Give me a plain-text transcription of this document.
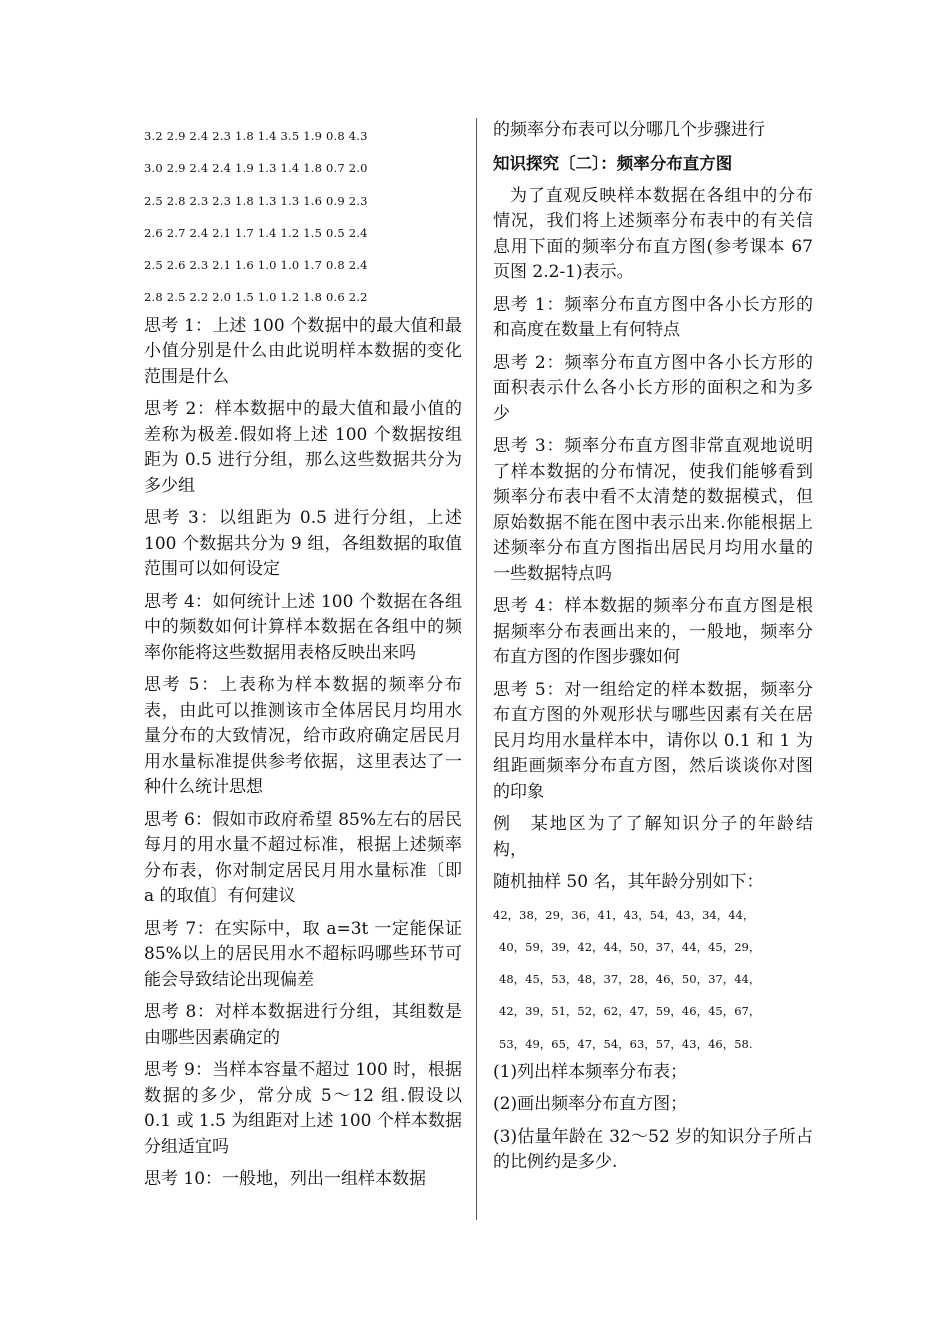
3.2 2.9 2.4 2.3 1.8 1.4 3.5 1.9 0.8 4.3
3.0 2.9 2.4 2.4 1.9 1.3 1.4 1.8 0.7 2.0
2.5 2.8 2.3 2.3 1.8 1.3 1.3 1.6 0.9 2.3
2.6 2.7 2.4 2.1 1.7 1.4 1.2 1.5 0.5 2.4
2.5 2.6 2.3 2.1 1.6 1.0 1.0 1.7 0.8 2.4
2.8 2.5 2.2 2.0 1.5 1.0 1.2 1.8 0.6 2.2

思考 1：上述 100 个数据中的最大值和最小值分别是什么由此说明样本数据的变化范围是什么

思考 2：样本数据中的最大值和最小值的差称为极差.假如将上述 100 个数据按组距为 0.5 进行分组，那么这些数据共分为多少组

思考 3：以组距为 0.5 进行分组，上述 100 个数据共分为 9 组，各组数据的取值范围可以如何设定

思考 4：如何统计上述 100 个数据在各组中的频数如何计算样本数据在各组中的频率你能将这些数据用表格反映出来吗

思考 5：上表称为样本数据的频率分布表，由此可以推测该市全体居民月均用水量分布的大致情况，给市政府确定居民月用水量标准提供参考依据，这里表达了一种什么统计思想

思考 6：假如市政府希望 85%左右的居民每月的用水量不超过标准，根据上述频率分布表，你对制定居民月用水量标准〔即 a 的取值〕有何建议

思考 7：在实际中，取 a=3t 一定能保证 85%以上的居民用水不超标吗哪些环节可能会导致结论出现偏差

思考 8：对样本数据进行分组，其组数是由哪些因素确定的

思考 9：当样本容量不超过 100 时，根据数据的多少，常分成 5～12 组.假设以 0.1 或 1.5 为组距对上述 100 个样本数据分组适宜吗

思考 10：一般地，列出一组样本数据

的频率分布表可以分哪几个步骤进行

知识探究〔二〕：频率分布直方图

为了直观反映样本数据在各组中的分布情况，我们将上述频率分布表中的有关信息用下面的频率分布直方图(参考课本 67 页图 2.2-1)表示。

思考 1：频率分布直方图中各小长方形的和高度在数量上有何特点

思考 2：频率分布直方图中各小长方形的面积表示什么各小长方形的面积之和为多少

思考 3：频率分布直方图非常直观地说明了样本数据的分布情况，使我们能够看到频率分布表中看不太清楚的数据模式，但原始数据不能在图中表示出来.你能根据上述频率分布直方图指出居民月均用水量的一些数据特点吗

思考 4：样本数据的频率分布直方图是根据频率分布表画出来的，一般地，频率分布直方图的作图步骤如何

思考 5：对一组给定的样本数据，频率分布直方图的外观形状与哪些因素有关在居民月均用水量样本中，请你以 0.1 和 1 为组距画频率分布直方图，然后谈谈你对图的印象

例　某地区为了了解知识分子的年龄结构，

随机抽样 50 名，其年龄分别如下：

42，38，29，36，41，43，54，43，34，44，
40，59，39，42，44，50，37，44，45，29，
48，45，53，48，37，28，46，50，37，44，
42，39，51，52，62，47，59，46，45，67，
53，49，65，47，54，63，57，43，46，58.

(1)列出样本频率分布表；

(2)画出频率分布直方图；

(3)估量年龄在 32～52 岁的知识分子所占的比例约是多少.
